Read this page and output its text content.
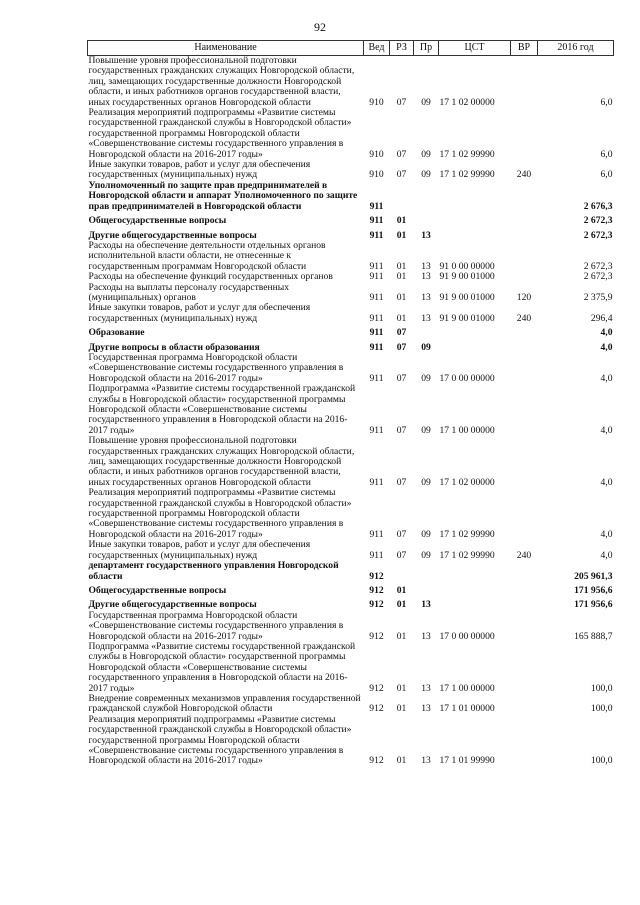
92
Наименование	Вед	РЗ	Пр	ЦСТ	ВР	2016 год
Повышение уровня профессиональной подготовки государственных гражданских служащих Новгородской области, лиц, замещающих государственные должности Новгородской области, и иных работников органов государственной власти, иных государственных органов Новгородской области	910	07	09	17 1 02 00000		6,0
Реализация мероприятий подпрограммы «Развитие системы государственной гражданской службы в Новгородской области» государственной программы Новгородской области «Совершенствование системы государственного управления в Новгородской области на 2016-2017 годы»	910	07	09	17 1 02 99990		6,0
Иные закупки товаров, работ и услуг для обеспечения государственных (муниципальных) нужд	910	07	09	17 1 02 99990	240	6,0
Уполномоченный по защите прав предпринимателей в Новгородской области и аппарат Уполномоченного по защите прав предпринимателей в Новгородской области	911					2 676,3
Общегосударственные вопросы	911	01				2 672,3
Другие общегосударственные вопросы	911	01	13			2 672,3
Расходы на обеспечение деятельности отдельных органов исполнительной власти области, не отнесенные к государственным программам Новгородской области	911	01	13	91 0 00 00000		2 672,3
Расходы на обеспечение функций государственных органов	911	01	13	91 9 00 01000		2 672,3
Расходы на выплаты персоналу государственных (муниципальных) органов	911	01	13	91 9 00 01000	120	2 375,9
Иные закупки товаров, работ и услуг для обеспечения государственных (муниципальных) нужд	911	01	13	91 9 00 01000	240	296,4
Образование	911	07				4,0
Другие вопросы в области образования	911	07	09			4,0
Государственная программа Новгородской области «Совершенствование системы государственного управления в Новгородской области на 2016-2017 годы»	911	07	09	17 0 00 00000		4,0
Подпрограмма «Развитие системы государственной гражданской службы в Новгородской области» государственной программы Новгородской области «Совершенствование системы государственного управления в Новгородской области на 2016-2017 годы»	911	07	09	17 1 00 00000		4,0
Повышение уровня профессиональной подготовки государственных гражданских служащих Новгородской области, лиц, замещающих государственные должности Новгородской области, и иных работников органов государственной власти, иных государственных органов Новгородской области	911	07	09	17 1 02 00000		4,0
Реализация мероприятий подпрограммы «Развитие системы государственной гражданской службы в Новгородской области» государственной программы Новгородской области «Совершенствование системы государственного управления в Новгородской области на 2016-2017 годы»	911	07	09	17 1 02 99990		4,0
Иные закупки товаров, работ и услуг для обеспечения государственных (муниципальных) нужд	911	07	09	17 1 02 99990	240	4,0
департамент государственного управления Новгородской области	912					205 961,3
Общегосударственные вопросы	912	01				171 956,6
Другие общегосударственные вопросы	912	01	13			171 956,6
Государственная программа Новгородской области «Совершенствование системы государственного управления в Новгородской области на 2016-2017 годы»	912	01	13	17 0 00 00000		165 888,7
Подпрограмма «Развитие системы государственной гражданской службы в Новгородской области» государственной программы Новгородской области «Совершенствование системы государственного управления в Новгородской области на 2016-2017 годы»	912	01	13	17 1 00 00000		100,0
Внедрение современных механизмов управления государственной гражданской службой Новгородской области	912	01	13	17 1 01 00000		100,0
Реализация мероприятий подпрограммы «Развитие системы государственной гражданской службы в Новгородской области» государственной программы Новгородской области «Совершенствование системы государственного управления в Новгородской области на 2016-2017 годы»	912	01	13	17 1 01 99990		100,0
